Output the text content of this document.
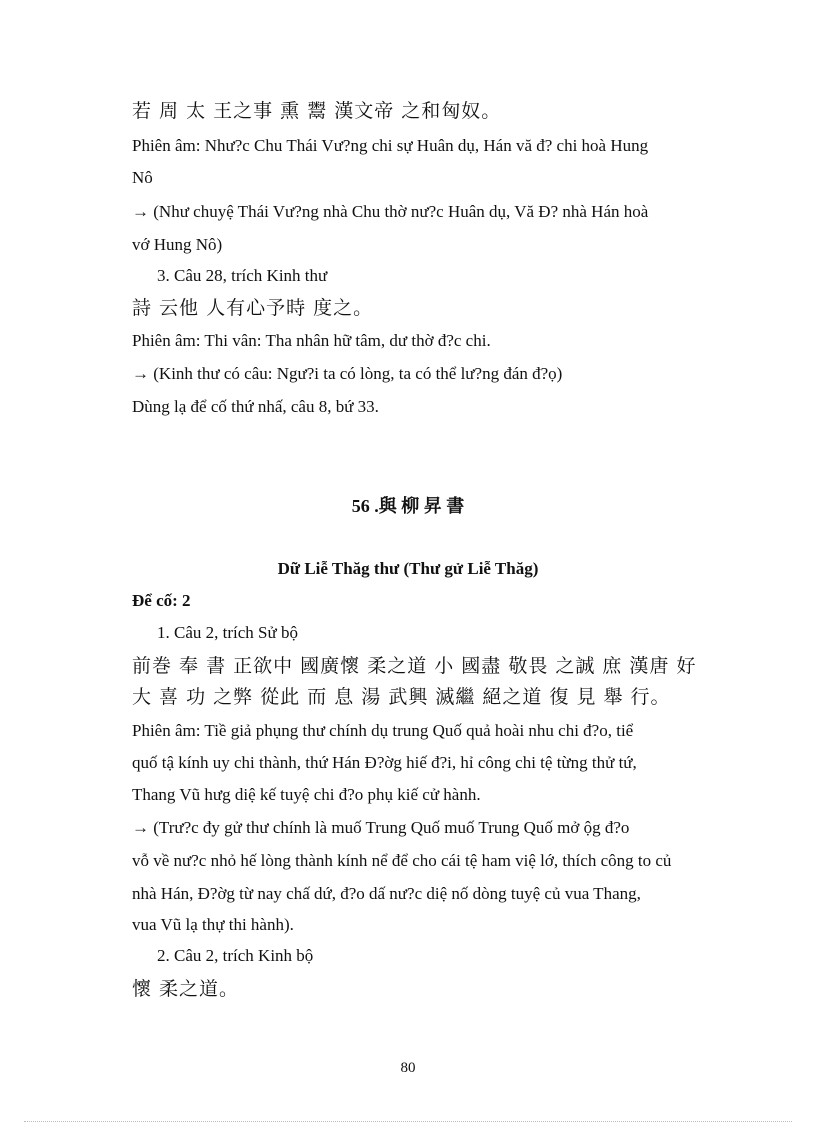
若 周 太 王之事 熏 鬻 漢文帝 之和匈奴。
Phiên âm: Như?c Chu Thái Vư?ng chi sự Huân dụ, Hán vă đ? chi hoà Hung
Nô
→ (Như chuyệ Thái Vư?ng nhà Chu thờ nư?c Huân dụ, Vă Đ? nhà Hán hoà
vớ Hung Nô)
3. Câu 28, trích Kinh thư
詩 云他 人有心予時 度之。
Phiên âm: Thi vân: Tha nhân hữ tâm, dư thờ đ?c chi.
→ (Kinh thư có câu: Ngư?i ta có lòng, ta có thể lư?ng đán đ?ọ)
Dùng lạ để cố thứ nhấ, câu 8, bứ 33.
56 .與 柳 昇 書
Dữ Liễ Thăg thư (Thư gử Liễ Thăg)
Để cố: 2
1. Câu 2, trích Sử bộ
前巻 奉 書 正欲中 國廣懷 柔之道 小 國盡 敬畏 之誠 庶 漢唐 好
大 喜 功 之弊 從此 而 息 湯 武興 滅繼 絕之道 復 見 舉 行。
Phiên âm: Tiề giả phụng thư chính dụ trung Quố quả hoài nhu chi đ?o, tiể
quố tậ kính uy chi thành, thứ Hán Đ?ờg hiế đ?i, hỉ công chi tệ từng thử tứ,
Thang Vũ hưg diệ kế tuyệ chi đ?o phụ kiế cử hành.
→ (Trư?c đy gử thư chính là muố Trung Quố muố Trung Quố mở ộg đ?o
vỗ về nư?c nhỏ hế lòng thành kính nể để cho cái tệ ham việ lớ, thích công to củ
nhà Hán, Đ?ờg từ nay chấ dứ, đ?o dấ nư?c diệ nố dòng tuyệ củ vua Thang,
vua Vũ lạ thự thi hành).
2. Câu 2, trích Kinh bộ
懷 柔之道。
80
